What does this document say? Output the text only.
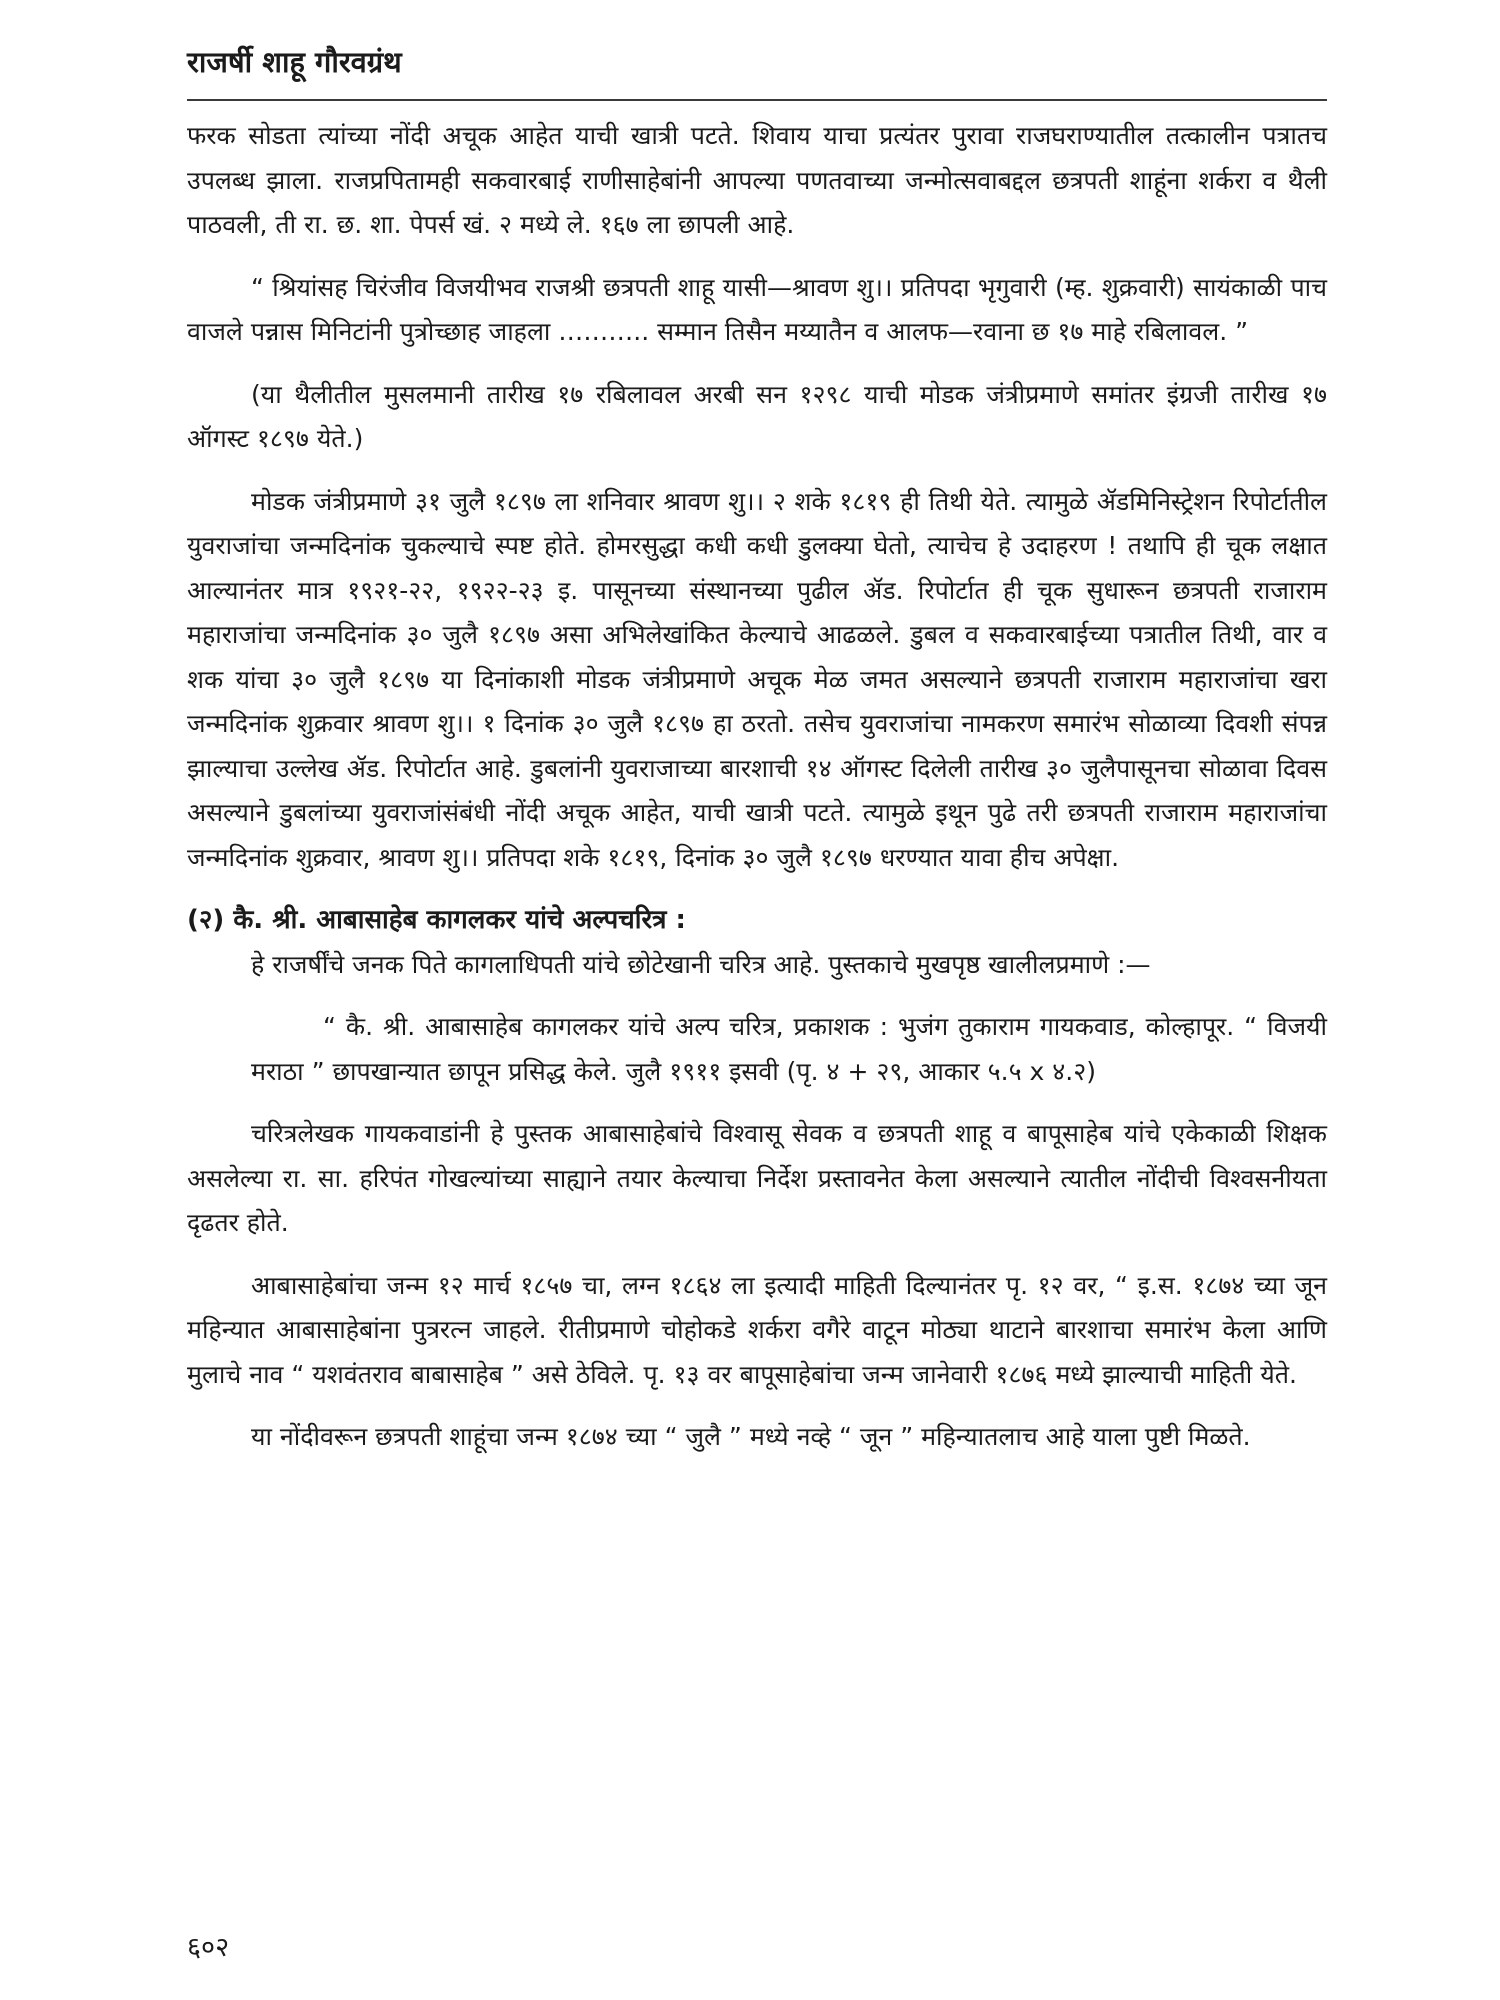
राजर्षी शाहू गौरवग्रंथ

फरक सोडता त्यांच्या नोंदी अचूक आहेत याची खात्री पटते. शिवाय याचा प्रत्यंतर पुरावा राजघराण्यातील तत्कालीन पत्रातच उपलब्ध झाला. राजप्रपितामही सकवारबाई राणीसाहेबांनी आपल्या पणतवाच्या जन्मोत्सवाबद्दल छत्रपती शाहूंना शर्करा व थैली पाठवली, ती रा. छ. शा. पेपर्स खं. २ मध्ये ले. १६७ ला छापली आहे.

“ श्रियांसह चिरंजीव विजयीभव राजश्री छत्रपती शाहू यासी—श्रावण शु।। प्रतिपदा भृगुवारी (म्ह. शुक्रवारी) सायंकाळी पाच वाजले पन्नास मिनिटांनी पुत्रोच्छाह जाहला ……….. सम्मान तिसैन मय्यातैन व आलफ—रवाना छ १७ माहे रबिलावल. ”

(या थैलीतील मुसलमानी तारीख १७ रबिलावल अरबी सन १२९८ याची मोडक जंत्रीप्रमाणे समांतर इंग्रजी तारीख १७ ऑगस्ट १८९७ येते.)

मोडक जंत्रीप्रमाणे ३१ जुलै १८९७ ला शनिवार श्रावण शु।। २ शके १८१९ ही तिथी येते. त्यामुळे ॲडमिनिस्ट्रेशन रिपोर्टातील युवराजांचा जन्मदिनांक चुकल्याचे स्पष्ट होते. होमरसुद्धा कधी कधी डुलक्या घेतो, त्याचेच हे उदाहरण ! तथापि ही चूक लक्षात आल्यानंतर मात्र १९२१-२२, १९२२-२३ इ. पासूनच्या संस्थानच्या पुढील ॲड. रिपोर्टात ही चूक सुधारून छत्रपती राजाराम महाराजांचा जन्मदिनांक ३० जुलै १८९७ असा अभिलेखांकित केल्याचे आढळले. डुबल व सकवारबाईच्या पत्रातील तिथी, वार व शक यांचा ३० जुलै १८९७ या दिनांकाशी मोडक जंत्रीप्रमाणे अचूक मेळ जमत असल्याने छत्रपती राजाराम महाराजांचा खरा जन्मदिनांक शुक्रवार श्रावण शु।। १ दिनांक ३० जुलै १८९७ हा ठरतो. तसेच युवराजांचा नामकरण समारंभ सोळाव्या दिवशी संपन्न झाल्याचा उल्लेख ॲड. रिपोर्टात आहे. डुबलांनी युवराजाच्या बारशाची १४ ऑगस्ट दिलेली तारीख ३० जुलैपासूनचा सोळावा दिवस असल्याने डुबलांच्या युवराजांसंबंधी नोंदी अचूक आहेत, याची खात्री पटते. त्यामुळे इथून पुढे तरी छत्रपती राजाराम महाराजांचा जन्मदिनांक शुक्रवार, श्रावण शु।। प्रतिपदा शके १८१९, दिनांक ३० जुलै १८९७ धरण्यात यावा हीच अपेक्षा.

(२) कै. श्री. आबासाहेब कागलकर यांचे अल्पचरित्र :

हे राजर्षींचे जनक पिते कागलाधिपती यांचे छोटेखानी चरित्र आहे. पुस्तकाचे मुखपृष्ठ खालीलप्रमाणे :—

“ कै. श्री. आबासाहेब कागलकर यांचे अल्प चरित्र, प्रकाशक : भुजंग तुकाराम गायकवाड, कोल्हापूर. “ विजयी मराठा ” छापखान्यात छापून प्रसिद्ध केले. जुलै १९११ इसवी (पृ. ४ + २९, आकार ५.५ x ४.२)

चरित्रलेखक गायकवाडांनी हे पुस्तक आबासाहेबांचे विश्वासू सेवक व छत्रपती शाहू व बापूसाहेब यांचे एकेकाळी शिक्षक असलेल्या रा. सा. हरिपंत गोखल्यांच्या साह्याने तयार केल्याचा निर्देश प्रस्तावनेत केला असल्याने त्यातील नोंदीची विश्वसनीयता दृढतर होते.

आबासाहेबांचा जन्म १२ मार्च १८५७ चा, लग्न १८६४ ला इत्यादी माहिती दिल्यानंतर पृ. १२ वर, “ इ.स. १८७४ च्या जून महिन्यात आबासाहेबांना पुत्ररत्न जाहले. रीतीप्रमाणे चोहोकडे शर्करा वगैरे वाटून मोठ्या थाटाने बारशाचा समारंभ केला आणि मुलाचे नाव “ यशवंतराव बाबासाहेब ” असे ठेविले. पृ. १३ वर बापूसाहेबांचा जन्म जानेवारी १८७६ मध्ये झाल्याची माहिती येते.

या नोंदीवरून छत्रपती शाहूंचा जन्म १८७४ च्या “ जुलै ” मध्ये नव्हे “ जून ” महिन्यातलाच आहे याला पुष्टी मिळते.

६०२
